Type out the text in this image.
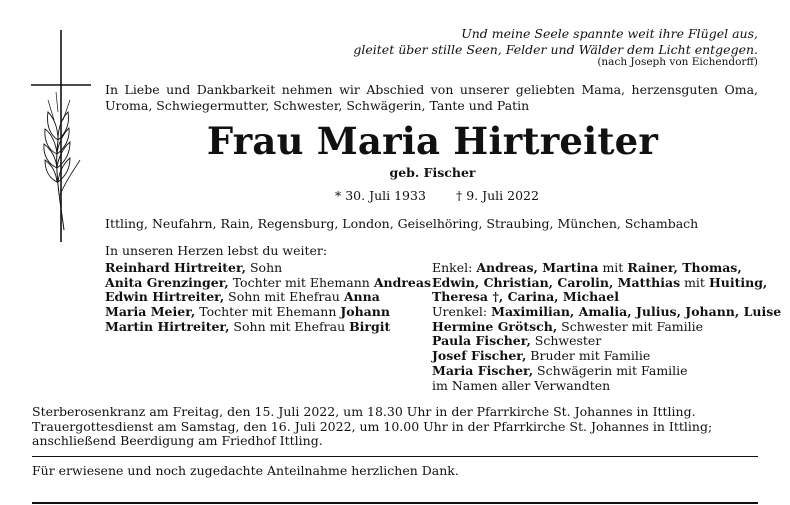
Und meine Seele spannte weit ihre Flügel aus,
gleitet über stille Seen, Felder und Wälder dem Licht entgegen.
(nach Joseph von Eichendorff)
In Liebe und Dankbarkeit nehmen wir Abschied von unserer geliebten Mama, herzensguten Oma,
Uroma, Schwiegermutter, Schwester, Schwägerin, Tante und Patin
Frau Maria Hirtreiter
geb. Fischer
* 30. Juli 1933 † 9. Juli 2022
Ittling, Neufahrn, Rain, Regensburg, London, Geiselhöring, Straubing, München, Schambach
In unseren Herzen lebst du weiter:
Reinhard Hirtreiter, Sohn
Anita Grenzinger, Tochter mit Ehemann Andreas
Edwin Hirtreiter, Sohn mit Ehefrau Anna
Maria Meier, Tochter mit Ehemann Johann
Martin Hirtreiter, Sohn mit Ehefrau Birgit
Enkel: Andreas, Martina mit Rainer, Thomas,
Edwin, Christian, Carolin, Matthias mit Huiting,
Theresa †, Carina, Michael
Urenkel: Maximilian, Amalia, Julius, Johann, Luise
Hermine Grötsch, Schwester mit Familie
Paula Fischer, Schwester
Josef Fischer, Bruder mit Familie
Maria Fischer, Schwägerin mit Familie
im Namen aller Verwandten
Sterberosenkranz am Freitag, den 15. Juli 2022, um 18.30 Uhr in der Pfarrkirche St. Johannes in Ittling.
Trauergottesdienst am Samstag, den 16. Juli 2022, um 10.00 Uhr in der Pfarrkirche St. Johannes in Ittling;
anschließend Beerdigung am Friedhof Ittling.
Für erwiesene und noch zugedachte Anteilnahme herzlichen Dank.
